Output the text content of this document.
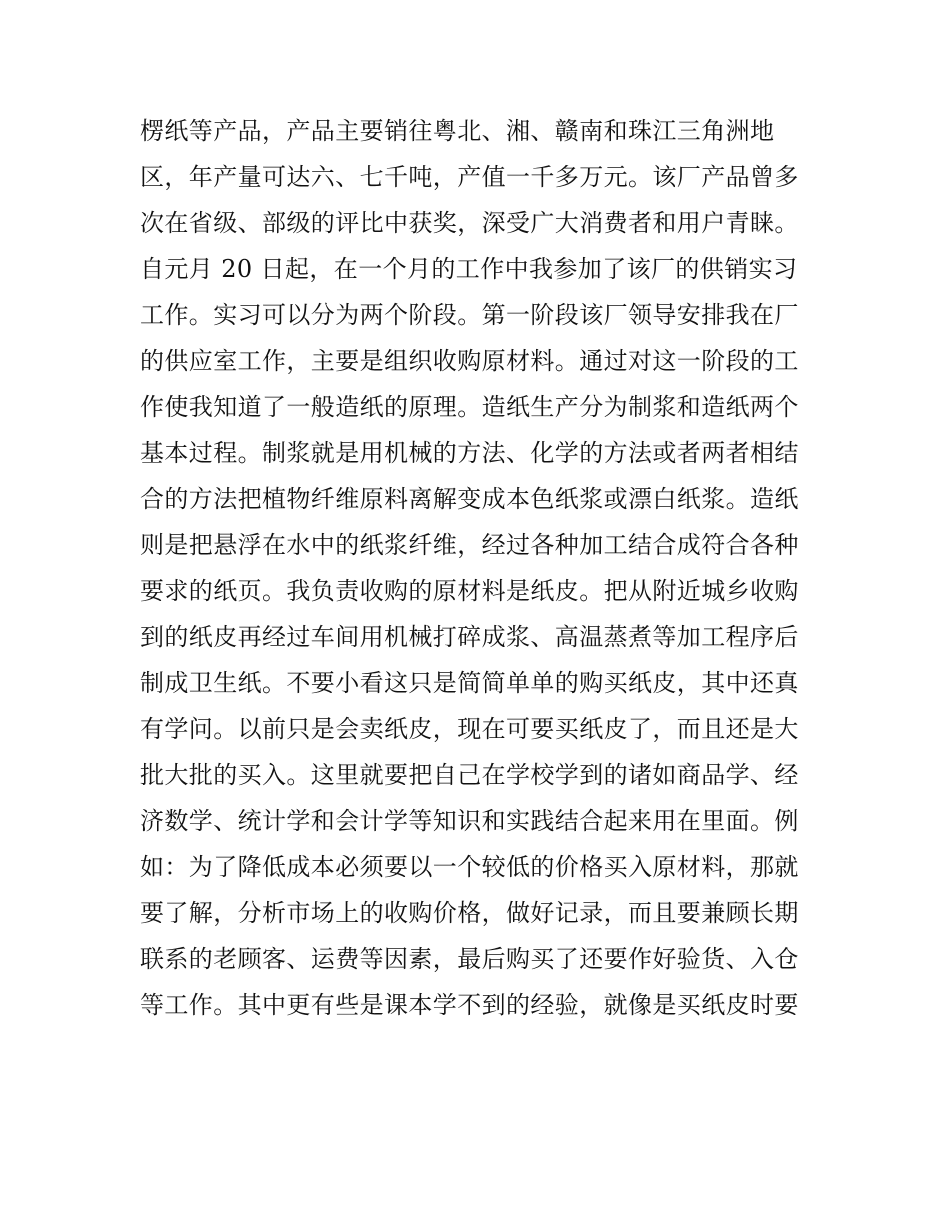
楞纸等产品，产品主要销往粤北、湘、赣南和珠江三角洲地
区，年产量可达六、七千吨，产值一千多万元。该厂产品曾多
次在省级、部级的评比中获奖，深受广大消费者和用户青睐。
自元月 20 日起，在一个月的工作中我参加了该厂的供销实习
工作。实习可以分为两个阶段。第一阶段该厂领导安排我在厂
的供应室工作，主要是组织收购原材料。通过对这一阶段的工
作使我知道了一般造纸的原理。造纸生产分为制浆和造纸两个
基本过程。制浆就是用机械的方法、化学的方法或者两者相结
合的方法把植物纤维原料离解变成本色纸浆或漂白纸浆。造纸
则是把悬浮在水中的纸浆纤维，经过各种加工结合成符合各种
要求的纸页。我负责收购的原材料是纸皮。把从附近城乡收购
到的纸皮再经过车间用机械打碎成浆、高温蒸煮等加工程序后
制成卫生纸。不要小看这只是简简单单的购买纸皮，其中还真
有学问。以前只是会卖纸皮，现在可要买纸皮了，而且还是大
批大批的买入。这里就要把自己在学校学到的诸如商品学、经
济数学、统计学和会计学等知识和实践结合起来用在里面。例
如：为了降低成本必须要以一个较低的价格买入原材料，那就
要了解，分析市场上的收购价格，做好记录，而且要兼顾长期
联系的老顾客、运费等因素，最后购买了还要作好验货、入仓
等工作。其中更有些是课本学不到的经验，就像是买纸皮时要
